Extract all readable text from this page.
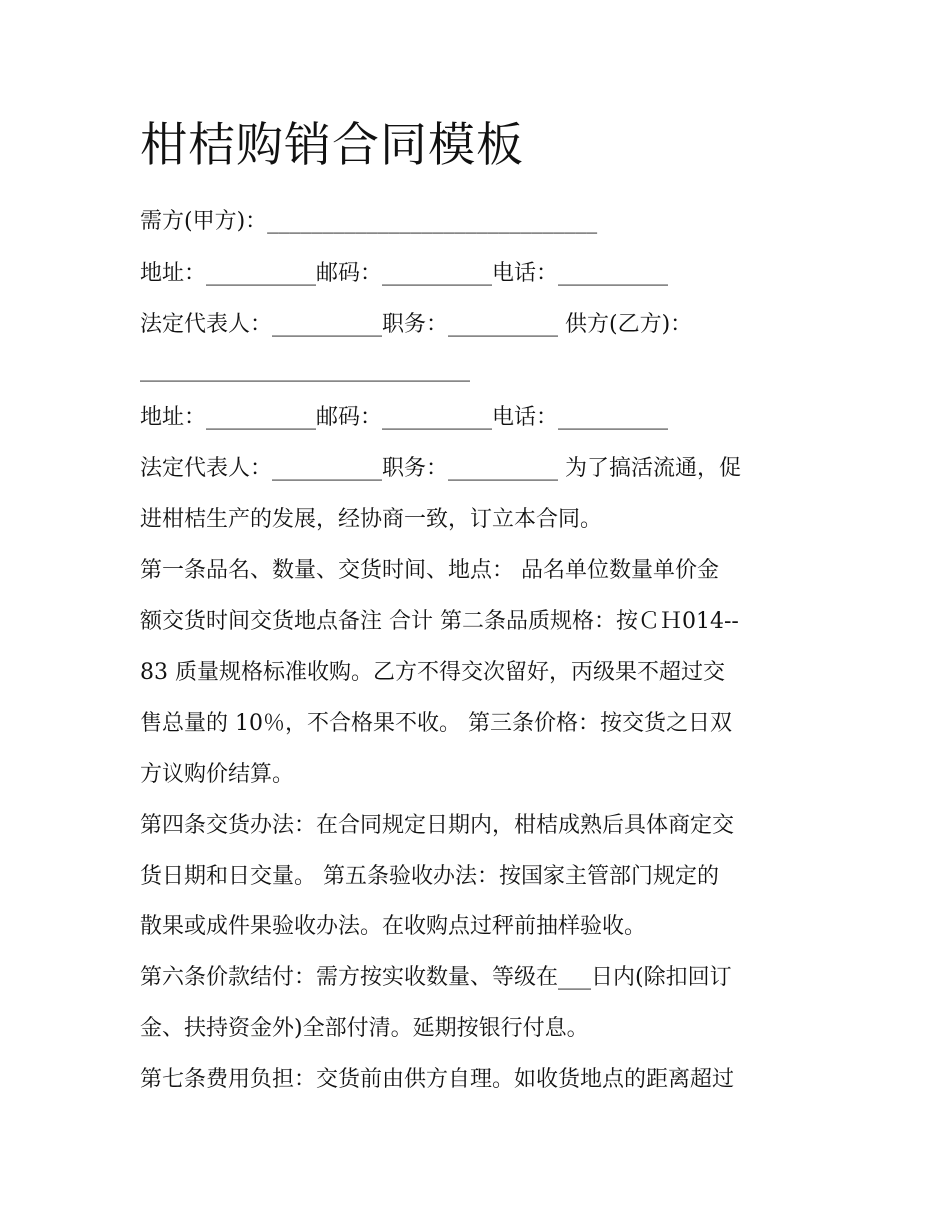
柑桔购销合同模板

需方(甲方)：______________________________

地址：__________邮码：__________电话：__________

法定代表人：__________职务：__________ 供方(乙方)：

______________________________

地址：__________邮码：__________电话：__________

法定代表人：__________职务：__________ 为了搞活流通，促

进柑桔生产的发展，经协商一致，订立本合同。

第一条品名、数量、交货时间、地点： 品名单位数量单价金

额交货时间交货地点备注 合计 第二条品质规格：按ＣＨ014--

83 质量规格标准收购。乙方不得交次留好，丙级果不超过交

售总量的 10％，不合格果不收。 第三条价格：按交货之日双

方议购价结算。

第四条交货办法：在合同规定日期内，柑桔成熟后具体商定交

货日期和日交量。 第五条验收办法：按国家主管部门规定的

散果或成件果验收办法。在收购点过秤前抽样验收。

第六条价款结付：需方按实收数量、等级在___日内(除扣回订

金、扶持资金外)全部付清。延期按银行付息。

第七条费用负担：交货前由供方自理。如收货地点的距离超过
